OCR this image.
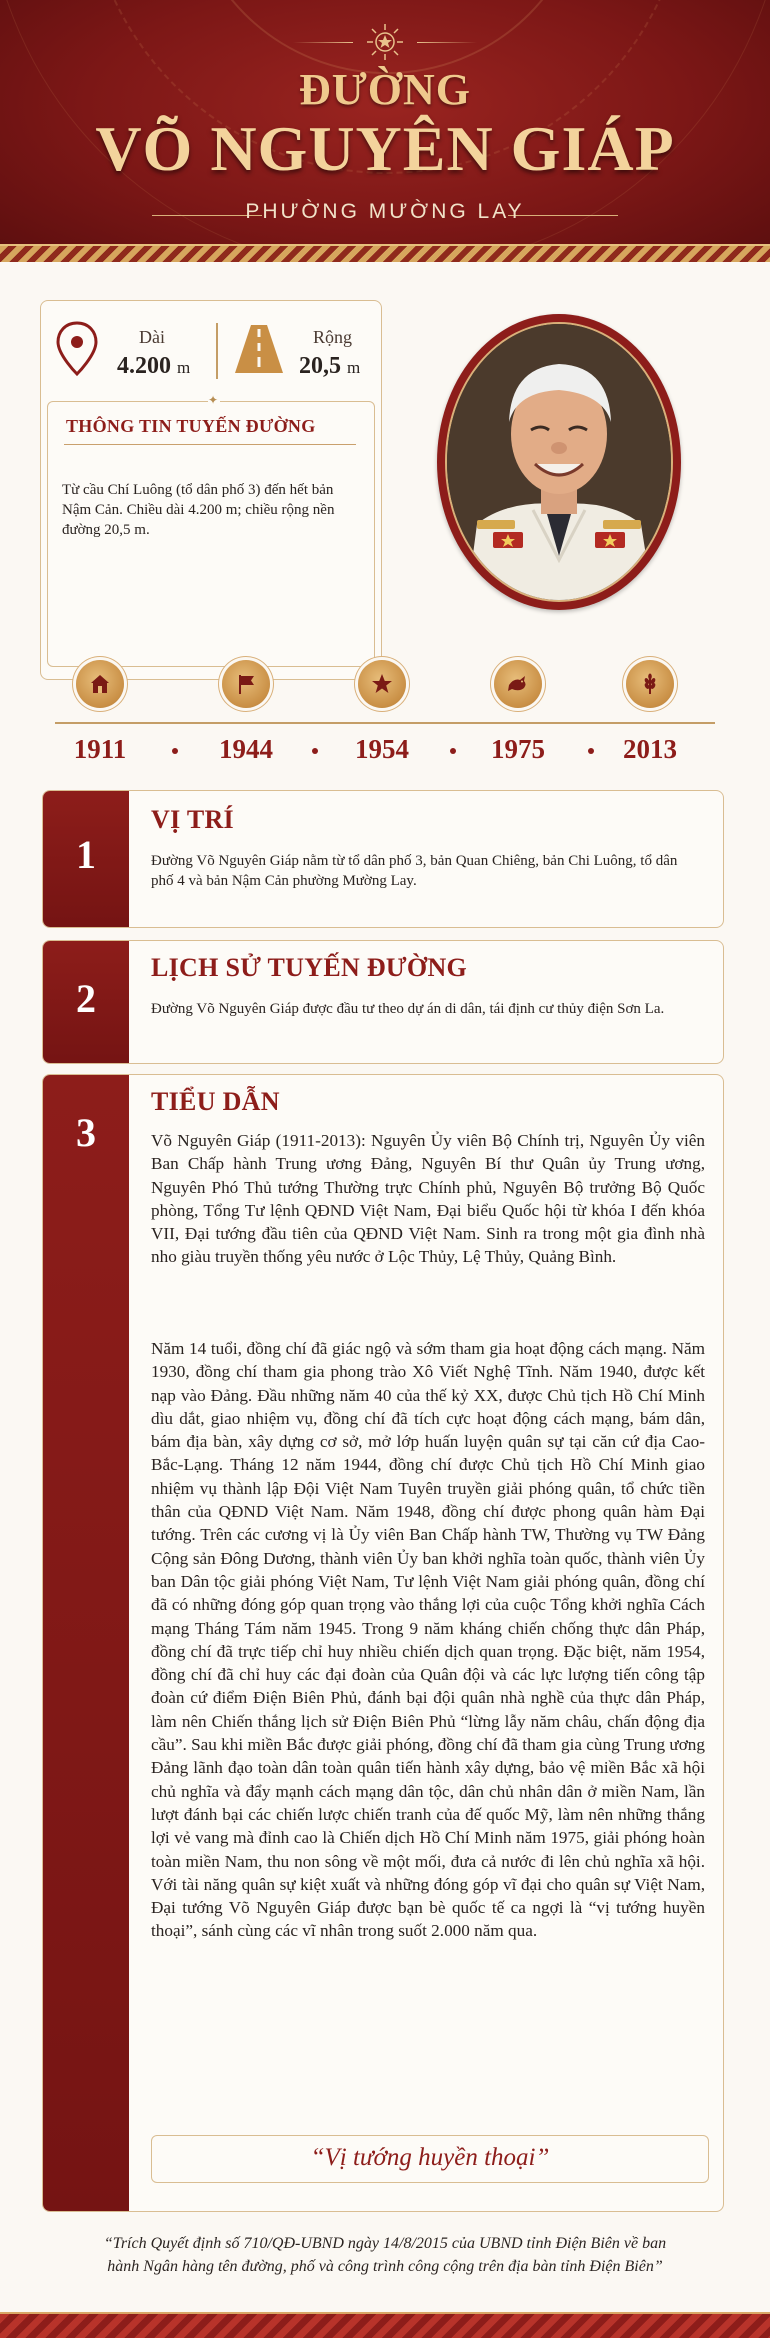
ĐƯỜNG
VÕ NGUYÊN GIÁP
PHƯỜNG MƯỜNG LAY
Dài
4.200 m
Rộng
20,5 m
✦
THÔNG TIN TUYẾN ĐƯỜNG
Từ cầu Chí Luông (tổ dân phố 3) đến hết bản Nậm Cản. Chiều dài 4.200 m; chiều rộng nền đường 20,5 m.
1911	1944	1954	1975	2013
1
VỊ TRÍ
Đường Võ Nguyên Giáp nằm từ tổ dân phố 3, bản Quan Chiêng, bản Chi Luông, tổ dân phố 4 và bản Nậm Cản phường Mường Lay.
2
LỊCH SỬ TUYẾN ĐƯỜNG
Đường Võ Nguyên Giáp được đầu tư theo dự án di dân, tái định cư thủy điện Sơn La.
3
TIỂU DẪN
Võ Nguyên Giáp (1911-2013): Nguyên Ủy viên Bộ Chính trị, Nguyên Ủy viên Ban Chấp hành Trung ương Đảng, Nguyên Bí thư Quân ủy Trung ương, Nguyên Phó Thủ tướng Thường trực Chính phủ, Nguyên Bộ trưởng Bộ Quốc phòng, Tổng Tư lệnh QĐND Việt Nam, Đại biểu Quốc hội từ khóa I đến khóa VII, Đại tướng đầu tiên của QĐND Việt Nam. Sinh ra trong một gia đình nhà nho giàu truyền thống yêu nước ở Lộc Thủy, Lệ Thủy, Quảng Bình.
Năm 14 tuổi, đồng chí đã giác ngộ và sớm tham gia hoạt động cách mạng. Năm 1930, đồng chí tham gia phong trào Xô Viết Nghệ Tĩnh. Năm 1940, được kết nạp vào Đảng. Đầu những năm 40 của thế kỷ XX, được Chủ tịch Hồ Chí Minh dìu dắt, giao nhiệm vụ, đồng chí đã tích cực hoạt động cách mạng, bám dân, bám địa bàn, xây dựng cơ sở, mở lớp huấn luyện quân sự tại căn cứ địa Cao-Bắc-Lạng. Tháng 12 năm 1944, đồng chí được Chủ tịch Hồ Chí Minh giao nhiệm vụ thành lập Đội Việt Nam Tuyên truyền giải phóng quân, tổ chức tiền thân của QĐND Việt Nam. Năm 1948, đồng chí được phong quân hàm Đại tướng. Trên các cương vị là Ủy viên Ban Chấp hành TW, Thường vụ TW Đảng Cộng sản Đông Dương, thành viên Ủy ban khởi nghĩa toàn quốc, thành viên Ủy ban Dân tộc giải phóng Việt Nam, Tư lệnh Việt Nam giải phóng quân, đồng chí đã có những đóng góp quan trọng vào thắng lợi của cuộc Tổng khởi nghĩa Cách mạng Tháng Tám năm 1945. Trong 9 năm kháng chiến chống thực dân Pháp, đồng chí đã trực tiếp chỉ huy nhiều chiến dịch quan trọng. Đặc biệt, năm 1954, đồng chí đã chỉ huy các đại đoàn của Quân đội và các lực lượng tiến công tập đoàn cứ điểm Điện Biên Phủ, đánh bại đội quân nhà nghề của thực dân Pháp, làm nên Chiến thắng lịch sử Điện Biên Phủ “lừng lẫy năm châu, chấn động địa cầu”. Sau khi miền Bắc được giải phóng, đồng chí đã tham gia cùng Trung ương Đảng lãnh đạo toàn dân toàn quân tiến hành xây dựng, bảo vệ miền Bắc xã hội chủ nghĩa và đẩy mạnh cách mạng dân tộc, dân chủ nhân dân ở miền Nam, lần lượt đánh bại các chiến lược chiến tranh của đế quốc Mỹ, làm nên những thắng lợi vẻ vang mà đỉnh cao là Chiến dịch Hồ Chí Minh năm 1975, giải phóng hoàn toàn miền Nam, thu non sông về một mối, đưa cả nước đi lên chủ nghĩa xã hội. Với tài năng quân sự kiệt xuất và những đóng góp vĩ đại cho quân sự Việt Nam, Đại tướng Võ Nguyên Giáp được bạn bè quốc tế ca ngợi là “vị tướng huyền thoại”, sánh cùng các vĩ nhân trong suốt 2.000 năm qua.
“Vị tướng huyền thoại”
“Trích Quyết định số 710/QĐ-UBND ngày 14/8/2015 của UBND tỉnh Điện Biên về ban
hành Ngân hàng tên đường, phố và công trình công cộng trên địa bàn tỉnh Điện Biên”
